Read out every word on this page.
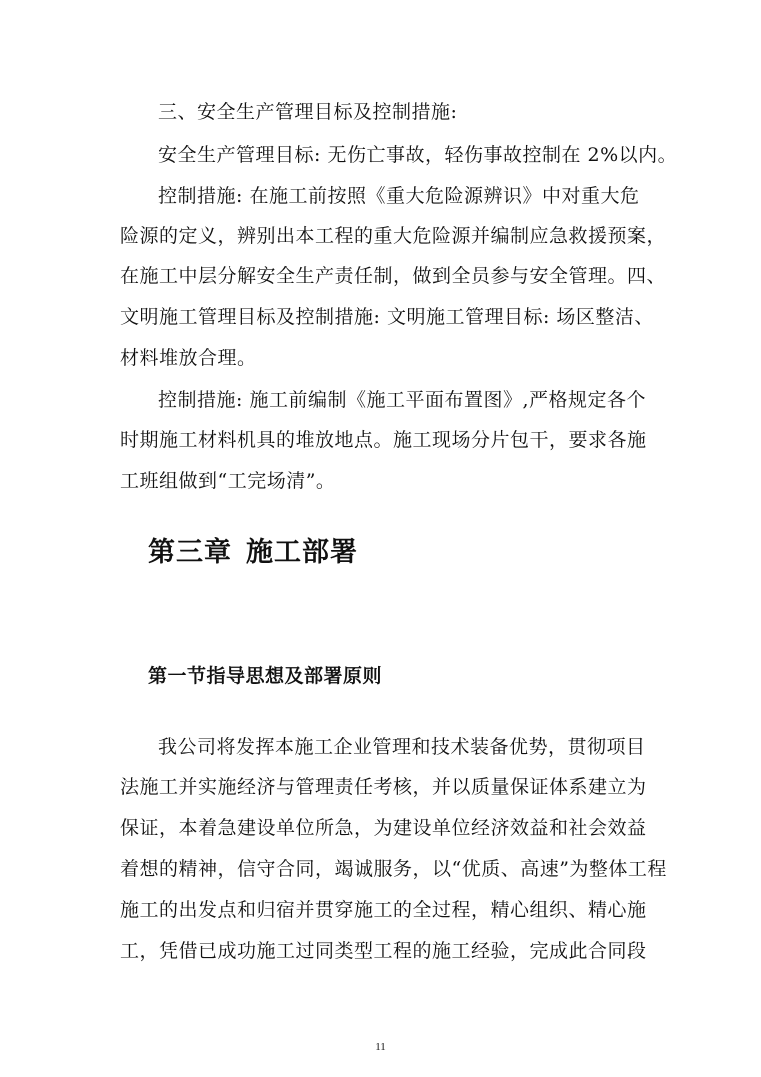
三、安全生产管理目标及控制措施:
安全生产管理目标: 无伤亡事故，轻伤事故控制在 2%以内。
控制措施: 在施工前按照《重大危险源辨识》中对重大危
险源的定义，辨别出本工程的重大危险源并编制应急救援预案，
在施工中层分解安全生产责任制，做到全员参与安全管理。四、
文明施工管理目标及控制措施: 文明施工管理目标: 场区整洁、
材料堆放合理。
控制措施: 施工前编制《施工平面布置图》,严格规定各个
时期施工材料机具的堆放地点。施工现场分片包干，要求各施
工班组做到“工完场清”。
第三章 施工部署
第一节指导思想及部署原则
我公司将发挥本施工企业管理和技术装备优势，贯彻项目
法施工并实施经济与管理责任考核，并以质量保证体系建立为
保证，本着急建设单位所急，为建设单位经济效益和社会效益
着想的精神，信守合同，竭诚服务，以“优质、高速”为整体工程
施工的出发点和归宿并贯穿施工的全过程，精心组织、精心施
工，凭借已成功施工过同类型工程的施工经验，完成此合同段
11
